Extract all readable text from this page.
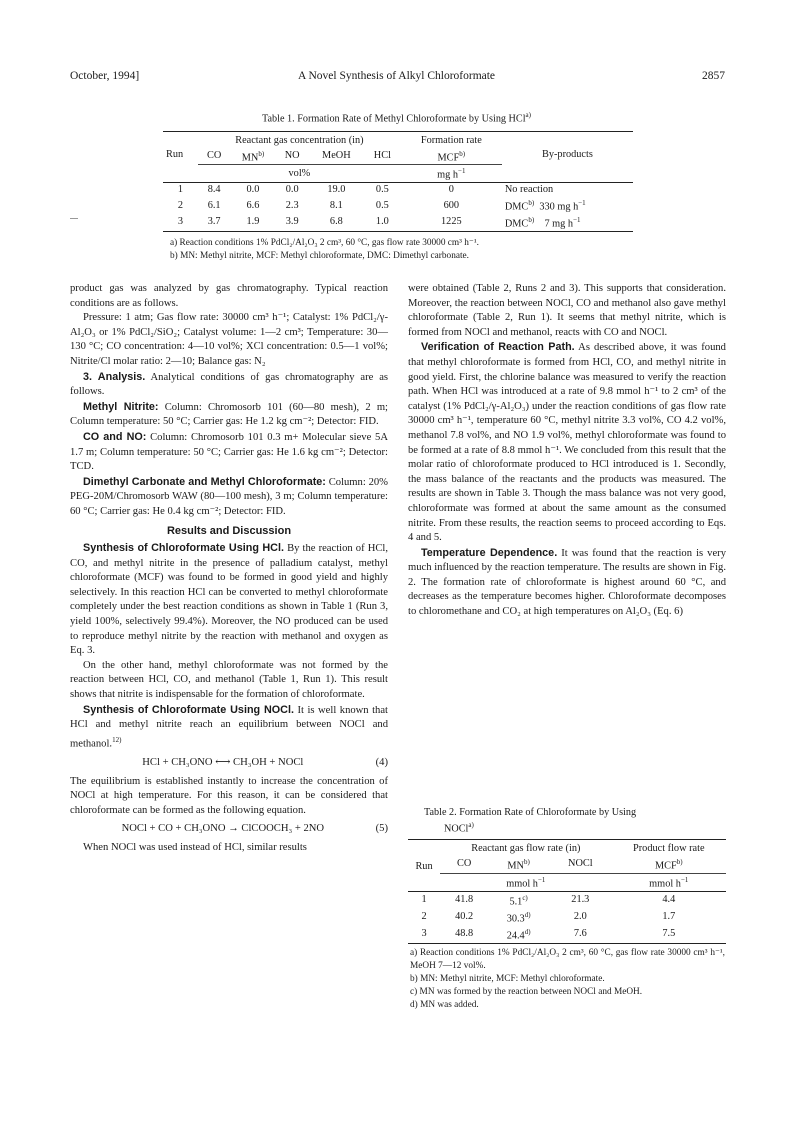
October, 1994]	A Novel Synthesis of Alkyl Chloroformate	2857
Table 1. Formation Rate of Methyl Chloroformate by Using HCl$^{a)}$
Run	Reactant gas concentration (in)					Formation rate	By-products
	CO	MN$^{b)}$	NO	MeOH	HCl	MCF$^{b)}$
	vol%					mg $h^{-1}$	
1	8.4	0.0	0.0	19.0	0.5	0	No reaction
2	6.1	6.6	2.3	8.1	0.5	600	DMC$^{b)}$ 330 mg $h^{-1}$
3	3.7	1.9	3.9	6.8	1.0	1225	DMC$^{b)}$ 7 mg $h^{-1}$
a) Reaction conditions 1% PdCl₂/Al₂O₃ 2 cm³, 60 °C, gas flow rate 30000 cm³ h⁻¹.
b) MN: Methyl nitrite, MCF: Methyl chloroformate, DMC: Dimethyl carbonate.

product gas was analyzed by gas chromatography. Typical reaction conditions are as follows.

Pressure: 1 atm; Gas flow rate: 30000 cm³ h⁻¹; Catalyst: 1% PdCl₂/γ-Al₂O₃ or 1% PdCl₂/SiO₂; Catalyst volume: 1—2 cm³; Temperature: 30—130 °C; CO concentration: 4—10 vol%; XCl concentration: 0.5—1 vol%; Nitrite/Cl molar ratio: 2—10; Balance gas: N₂

3. Analysis. Analytical conditions of gas chromatography are as follows.

Methyl Nitrite: Column: Chromosorb 101 (60—80 mesh), 2 m; Column temperature: 50 °C; Carrier gas: He 1.2 kg cm⁻²; Detector: FID.

CO and NO: Column: Chromosorb 101 0.3 m+ Molecular sieve 5A 1.7 m; Column temperature: 50 °C; Carrier gas: He 1.6 kg cm⁻²; Detector: TCD.

Dimethyl Carbonate and Methyl Chloroformate: Column: 20% PEG-20M/Chromosorb WAW (80—100 mesh), 3 m; Column temperature: 60 °C; Carrier gas: He 0.4 kg cm⁻²; Detector: FID.

Results and Discussion

Synthesis of Chloroformate Using HCl. By the reaction of HCl, CO, and methyl nitrite in the presence of palladium catalyst, methyl chloroformate (MCF) was found to be formed in good yield and highly selectively. In this reaction HCl can be converted to methyl chloroformate completely under the best reaction conditions as shown in Table 1 (Run 3, yield 100%, selectively 99.4%). Moreover, the NO produced can be used to reproduce methyl nitrite by the reaction with methanol and oxygen as Eq. 3.

On the other hand, methyl chloroformate was not formed by the reaction between HCl, CO, and methanol (Table 1, Run 1). This result shows that nitrite is indispensable for the formation of chloroformate.

Synthesis of Chloroformate Using NOCl. It is well known that HCl and methyl nitrite reach an equilibrium between NOCl and methanol.$^{12)}$

HCl + CH₃ONO ⟷ CH₃OH + NOCl	(4)

The equilibrium is established instantly to increase the concentration of NOCl at high temperature. For this reason, it can be considered that chloroformate can be formed as the following equation.

NOCl + CO + CH₃ONO → ClCOOCH₃ + 2NO	(5)

When NOCl was used instead of HCl, similar results

were obtained (Table 2, Runs 2 and 3). This supports that consideration. Moreover, the reaction between NOCl, CO and methanol also gave methyl chloroformate (Table 2, Run 1). It seems that methyl nitrite, which is formed from NOCl and methanol, reacts with CO and NOCl.

Verification of Reaction Path. As described above, it was found that methyl chloroformate is formed from HCl, CO, and methyl nitrite in good yield. First, the chlorine balance was measured to verify the reaction path. When HCl was introduced at a rate of 9.8 mmol h⁻¹ to 2 cm³ of the catalyst (1% PdCl₂/γ-Al₂O₃) under the reaction conditions of gas flow rate 30000 cm³ h⁻¹, temperature 60 °C, methyl nitrite 3.3 vol%, CO 4.2 vol%, methanol 7.8 vol%, and NO 1.9 vol%, methyl chloroformate was found to be formed at a rate of 8.8 mmol h⁻¹. We concluded from this result that the molar ratio of chloroformate produced to HCl introduced is 1. Secondly, the mass balance of the reactants and the products was measured. The results are shown in Table 3. Though the mass balance was not very good, chloroformate was formed at about the same amount as the consumed nitrite. From these results, the reaction seems to proceed according to Eqs. 4 and 5.

Temperature Dependence. It was found that the reaction is very much influenced by the reaction temperature. The results are shown in Fig. 2. The formation rate of chloroformate is highest around 60 °C, and decreases as the temperature becomes higher. Chloroformate decomposes to chloromethane and CO₂ at high temperatures on Al₂O₃ (Eq. 6)

Table 2. Formation Rate of Chloroformate by Using
NOCl$^{a)}$
Run	Reactant gas flow rate (in)			Product flow rate
	CO	MN$^{b)}$	NOCl	MCF$^{b)}$
	mmol $h^{-1}$			mmol $h^{-1}$
1	41.8	5.1$^{c)}$	21.3	4.4
2	40.2	30.3$^{d)}$	2.0	1.7
3	48.8	24.4$^{d)}$	7.6	7.5
a) Reaction conditions 1% PdCl₂/Al₂O₃ 2 cm³, 60 °C, gas flow rate 30000 cm³ h⁻¹, MeOH 7—12 vol%.
b) MN: Methyl nitrite, MCF: Methyl chloroformate.
c) MN was formed by the reaction between NOCl and MeOH.
d) MN was added.
